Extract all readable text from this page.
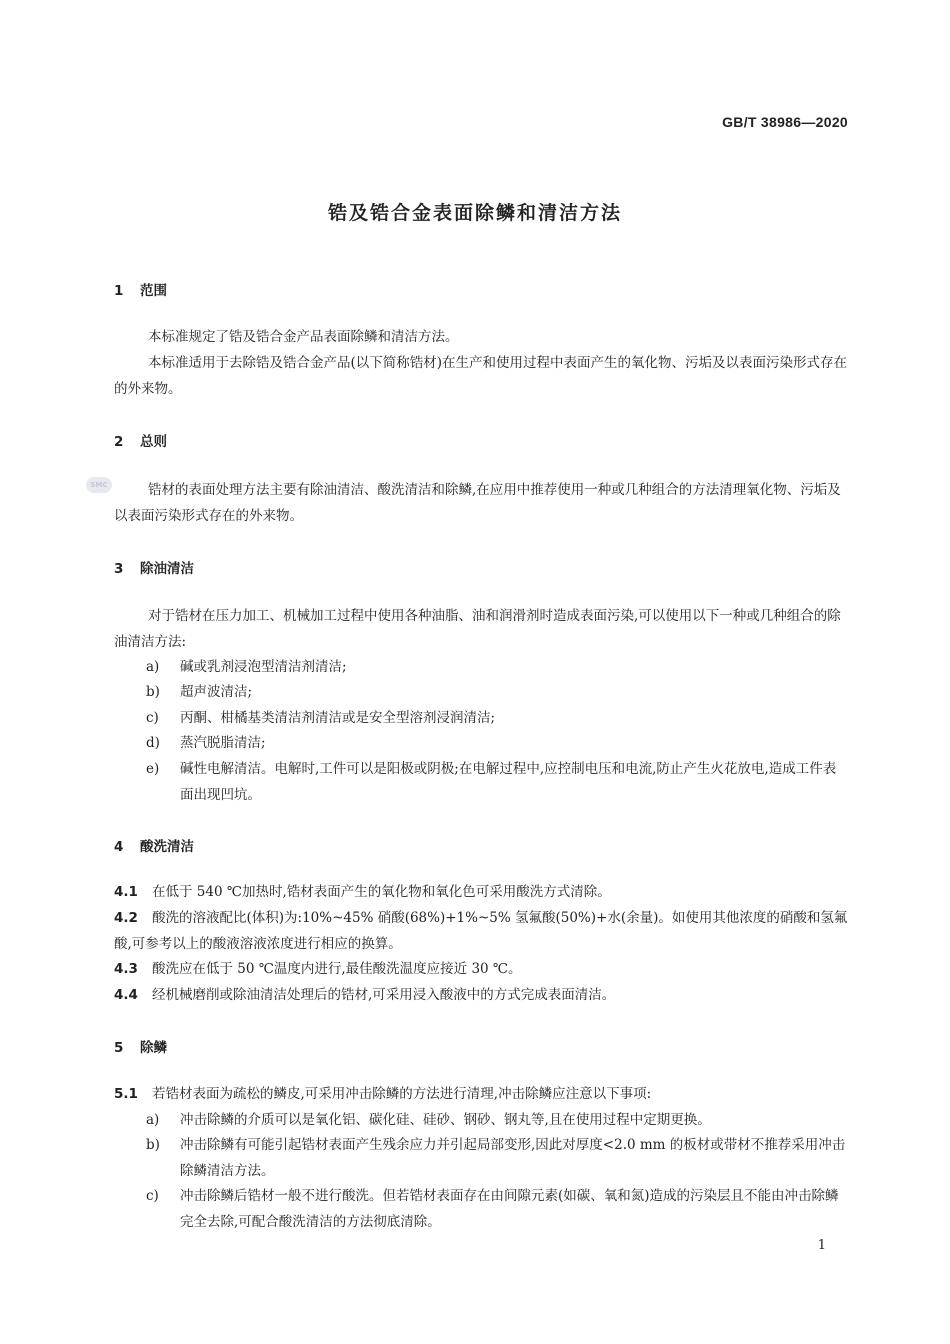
GB/T 38986—2020
锆及锆合金表面除鳞和清洁方法
1 范围
本标准规定了锆及锆合金产品表面除鳞和清洁方法。
本标准适用于去除锆及锆合金产品(以下简称锆材)在生产和使用过程中表面产生的氧化物、污垢及以表面污染形式存在的外来物。
2 总则
SMC	锆材的表面处理方法主要有除油清洁、酸洗清洁和除鳞,在应用中推荐使用一种或几种组合的方法清理氧化物、污垢及以表面污染形式存在的外来物。
3 除油清洁
对于锆材在压力加工、机械加工过程中使用各种油脂、油和润滑剂时造成表面污染,可以使用以下一种或几种组合的除油清洁方法:
a)	碱或乳剂浸泡型清洁剂清洁;
b)	超声波清洁;
c)	丙酮、柑橘基类清洁剂清洁或是安全型溶剂浸润清洁;
d)	蒸汽脱脂清洁;
e)	碱性电解清洁。电解时,工件可以是阳极或阴极;在电解过程中,应控制电压和电流,防止产生火花放电,造成工件表面出现凹坑。
4 酸洗清洁
4.1 在低于 540 ℃加热时,锆材表面产生的氧化物和氧化色可采用酸洗方式清除。
4.2 酸洗的溶液配比(体积)为:10%~45% 硝酸(68%)+1%~5% 氢氟酸(50%)+水(余量)。如使用其他浓度的硝酸和氢氟酸,可参考以上的酸液溶液浓度进行相应的换算。
4.3 酸洗应在低于 50 ℃温度内进行,最佳酸洗温度应接近 30 ℃。
4.4 经机械磨削或除油清洁处理后的锆材,可采用浸入酸液中的方式完成表面清洁。
5 除鳞
5.1 若锆材表面为疏松的鳞皮,可采用冲击除鳞的方法进行清理,冲击除鳞应注意以下事项:
a)	冲击除鳞的介质可以是氧化铝、碳化硅、硅砂、钢砂、钢丸等,且在使用过程中定期更换。
b)	冲击除鳞有可能引起锆材表面产生残余应力并引起局部变形,因此对厚度<2.0 mm 的板材或带材不推荐采用冲击除鳞清洁方法。
c)	冲击除鳞后锆材一般不进行酸洗。但若锆材表面存在由间隙元素(如碳、氧和氮)造成的污染层且不能由冲击除鳞完全去除,可配合酸洗清洁的方法彻底清除。
1
